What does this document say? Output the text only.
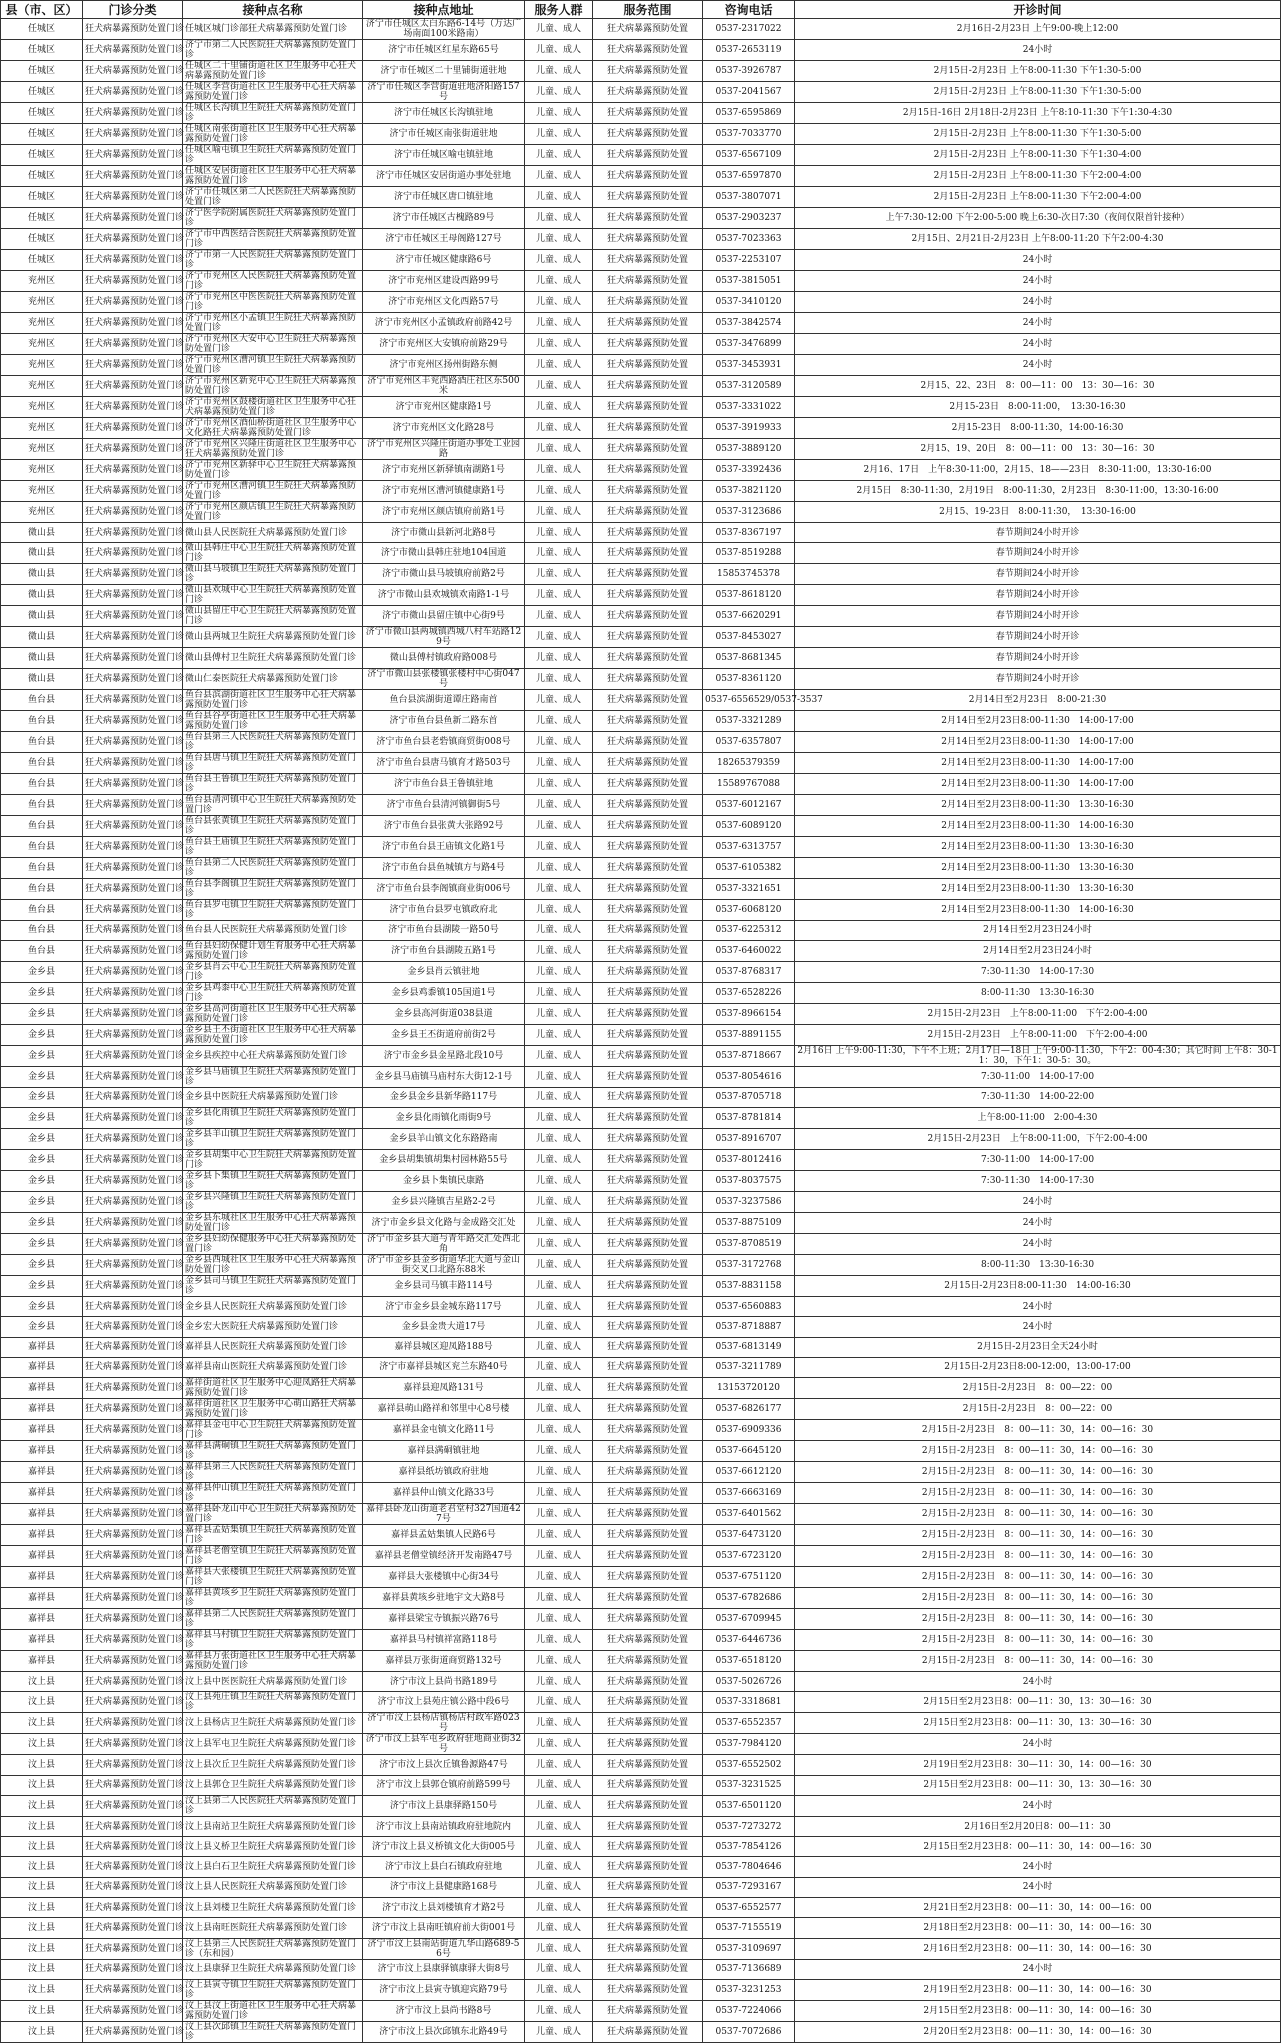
县（市、区）	门诊分类	接种点名称	接种点地址	服务人群	服务范围	咨询电话	开诊时间
任城区	狂犬病暴露预防处置门诊	任城区城门诊部狂犬病暴露预防处置门诊	济宁市任城区太白东路6-14号（万达广场南面100米路南）	儿童、成人	狂犬病暴露预防处置	0537-2317022	2月16日-2月23日 上午9:00-晚上12:00
任城区	狂犬病暴露预防处置门诊	济宁市第二人民医院狂犬病暴露预防处置门诊	济宁市任城区红星东路65号	儿童、成人	狂犬病暴露预防处置	0537-2653119	24小时
任城区	狂犬病暴露预防处置门诊	任城区二十里铺街道社区卫生服务中心狂犬病暴露预防处置门诊	济宁市任城区二十里铺街道驻地	儿童、成人	狂犬病暴露预防处置	0537-3926787	2月15日-2月23日 上午8:00-11:30 下午1:30-5:00
任城区	狂犬病暴露预防处置门诊	任城区李营街道社区卫生服务中心狂犬病暴露预防处置门诊	济宁市任城区李营街道驻地济阳路157号	儿童、成人	狂犬病暴露预防处置	0537-2041567	2月15日-2月23日 上午8:00-11:30 下午1:30-5:00
任城区	狂犬病暴露预防处置门诊	任城区长沟镇卫生院狂犬病暴露预防处置门诊	济宁市任城区长沟镇驻地	儿童、成人	狂犬病暴露预防处置	0537-6595869	2月15日-16日 2月18日-2月23日 上午8:10-11:30 下午1:30-4:30
任城区	狂犬病暴露预防处置门诊	任城区南张街道社区卫生服务中心狂犬病暴露预防处置门诊	济宁市任城区南张街道驻地	儿童、成人	狂犬病暴露预防处置	0537-7033770	2月15日-2月23日 上午8:00-11:30 下午1:30-5:00
任城区	狂犬病暴露预防处置门诊	任城区喻屯镇卫生院狂犬病暴露预防处置门诊	济宁市任城区喻屯镇驻地	儿童、成人	狂犬病暴露预防处置	0537-6567109	2月15日-2月23日 上午8:00-11:30 下午1:30-4:00
任城区	狂犬病暴露预防处置门诊	任城区安居街道社区卫生服务中心狂犬病暴露预防处置门诊	济宁市任城区安居街道办事处驻地	儿童、成人	狂犬病暴露预防处置	0537-6597870	2月15日-2月23日 上午8:00-11:30 下午2:00-4:00
任城区	狂犬病暴露预防处置门诊	济宁市任城区第二人民医院狂犬病暴露预防处置门诊	济宁市任城区唐口镇驻地	儿童、成人	狂犬病暴露预防处置	0537-3807071	2月15日-2月23日 上午8:00-11:30 下午2:00-4:00
任城区	狂犬病暴露预防处置门诊	济宁医学院附属医院狂犬病暴露预防处置门诊	济宁市任城区古槐路89号	儿童、成人	狂犬病暴露预防处置	0537-2903237	上午7:30-12:00 下午2:00-5:00 晚上6:30-次日7:30（夜间仅限首针接种）
任城区	狂犬病暴露预防处置门诊	济宁市中西医结合医院狂犬病暴露预防处置门诊	济宁市任城区王母阁路127号	儿童、成人	狂犬病暴露预防处置	0537-7023363	2月15日、2月21日-2月23日 上午8:00-11:20 下午2:00-4:30
任城区	狂犬病暴露预防处置门诊	济宁市第一人民医院狂犬病暴露预防处置门诊	济宁市任城区健康路6号	儿童、成人	狂犬病暴露预防处置	0537-2253107	24小时
兖州区	狂犬病暴露预防处置门诊	济宁市兖州区人民医院狂犬病暴露预防处置门诊	济宁市兖州区建设西路99号	儿童、成人	狂犬病暴露预防处置	0537-3815051	24小时
兖州区	狂犬病暴露预防处置门诊	济宁市兖州区中医医院狂犬病暴露预防处置门诊	济宁市兖州区文化西路57号	儿童、成人	狂犬病暴露预防处置	0537-3410120	24小时
兖州区	狂犬病暴露预防处置门诊	济宁市兖州区小孟镇卫生院狂犬病暴露预防处置门诊	济宁市兖州区小孟镇政府前路42号	儿童、成人	狂犬病暴露预防处置	0537-3842574	24小时
兖州区	狂犬病暴露预防处置门诊	济宁市兖州区大安中心卫生院狂犬病暴露预防处置门诊	济宁市兖州区大安镇府前路29号	儿童、成人	狂犬病暴露预防处置	0537-3476899	24小时
兖州区	狂犬病暴露预防处置门诊	济宁市兖州区漕河镇卫生院狂犬病暴露预防处置门诊	济宁市兖州区扬州街路东侧	儿童、成人	狂犬病暴露预防处置	0537-3453931	24小时
兖州区	狂犬病暴露预防处置门诊	济宁市兖州区新兖中心卫生院狂犬病暴露预防处置门诊	济宁市兖州区丰兖西路酒庄社区东500米	儿童、成人	狂犬病暴露预防处置	0537-3120589	2月15、22、23日　8：00—11：00　13：30—16：30
兖州区	狂犬病暴露预防处置门诊	济宁市兖州区鼓楼街道社区卫生服务中心狂犬病暴露预防处置门诊	济宁市兖州区健康路1号	儿童、成人	狂犬病暴露预防处置	0537-3331022	2月15-23日　8:00-11:00，　13:30-16:30
兖州区	狂犬病暴露预防处置门诊	济宁市兖州区酒仙桥街道社区卫生服务中心文化路狂犬病暴露预防处置门诊	济宁市兖州区文化路28号	儿童、成人	狂犬病暴露预防处置	0537-3919933	2月15-23日　8:00-11:30，14:00-16:30
兖州区	狂犬病暴露预防处置门诊	济宁市兖州区兴隆庄街道社区卫生服务中心狂犬病暴露预防处置门诊	济宁市兖州区兴隆庄街道办事处工业园路	儿童、成人	狂犬病暴露预防处置	0537-3889120	2月15、19、20日　8：00—11：00　13：30—16：30
兖州区	狂犬病暴露预防处置门诊	济宁市兖州区新驿中心卫生院狂犬病暴露预防处置门诊	济宁市兖州区新驿镇南湖路1号	儿童、成人	狂犬病暴露预防处置	0537-3392436	2月16、17日　上午8:30-11:00，2月15、18——23日　8:30-11:00，13:30-16:00
兖州区	狂犬病暴露预防处置门诊	济宁市兖州区漕河镇卫生院狂犬病暴露预防处置门诊	济宁市兖州区漕河镇健康路1号	儿童、成人	狂犬病暴露预防处置	0537-3821120	2月15日　8:30-11:30，2月19日　8:00-11:30，2月23日　8:30-11:00，13:30-16:00
兖州区	狂犬病暴露预防处置门诊	济宁市兖州区颜店镇卫生院狂犬病暴露预防处置门诊	济宁市兖州区颜店镇府前路1号	儿童、成人	狂犬病暴露预防处置	0537-3123686	2月15、19-23日　8:00-11:30，　13:30-16:00
微山县	狂犬病暴露预防处置门诊	微山县人民医院狂犬病暴露预防处置门诊	济宁市微山县新河北路8号	儿童、成人	狂犬病暴露预防处置	0537-8367197	春节期间24小时开诊
微山县	狂犬病暴露预防处置门诊	微山县韩庄中心卫生院狂犬病暴露预防处置门诊	济宁市微山县韩庄驻地104国道	儿童、成人	狂犬病暴露预防处置	0537-8519288	春节期间24小时开诊
微山县	狂犬病暴露预防处置门诊	微山县马坡镇卫生院狂犬病暴露预防处置门诊	济宁市微山县马坡镇府前路2号	儿童、成人	狂犬病暴露预防处置	15853745378	春节期间24小时开诊
微山县	狂犬病暴露预防处置门诊	微山县欢城中心卫生院狂犬病暴露预防处置门诊	济宁市微山县欢城镇欢南路1-1号	儿童、成人	狂犬病暴露预防处置	0537-8618120	春节期间24小时开诊
微山县	狂犬病暴露预防处置门诊	微山县留庄中心卫生院狂犬病暴露预防处置门诊	济宁市微山县留庄镇中心街9号	儿童、成人	狂犬病暴露预防处置	0537-6620291	春节期间24小时开诊
微山县	狂犬病暴露预防处置门诊	微山县两城卫生院狂犬病暴露预防处置门诊	济宁市微山县两城镇西城八村车站路129号	儿童、成人	狂犬病暴露预防处置	0537-8453027	春节期间24小时开诊
微山县	狂犬病暴露预防处置门诊	微山县傅村卫生院狂犬病暴露预防处置门诊	微山县傅村镇政府路008号	儿童、成人	狂犬病暴露预防处置	0537-8681345	春节期间24小时开诊
微山县	狂犬病暴露预防处置门诊	微山仁泰医院狂犬病暴露预防处置门诊	济宁市微山县张楼镇张楼村中心街047号	儿童、成人	狂犬病暴露预防处置	0537-8361120	春节期间24小时开诊
鱼台县	狂犬病暴露预防处置门诊	鱼台县滨湖街道社区卫生服务中心狂犬病暴露预防处置门诊	鱼台县滨湖街道谭庄路南首	儿童、成人	狂犬病暴露预防处置	0537-6556529/0537-3537	2月14日至2月23日　8:00-21:30
鱼台县	狂犬病暴露预防处置门诊	鱼台县谷亭街道社区卫生服务中心狂犬病暴露预防处置门诊	济宁市鱼台县鱼新二路东首	儿童、成人	狂犬病暴露预防处置	0537-3321289	2月14日至2月23日8:00-11:30　14:00-17:00
鱼台县	狂犬病暴露预防处置门诊	鱼台县第三人民医院狂犬病暴露预防处置门诊	济宁市鱼台县老砦镇商贸街008号	儿童、成人	狂犬病暴露预防处置	0537-6357807	2月14日至2月23日8:00-11:30　14:00-17:00
鱼台县	狂犬病暴露预防处置门诊	鱼台县唐马镇卫生院狂犬病暴露预防处置门诊	济宁市鱼台县唐马镇育才路503号	儿童、成人	狂犬病暴露预防处置	18265379359	2月14日至2月23日8:00-11:30　14:00-17:00
鱼台县	狂犬病暴露预防处置门诊	鱼台县王鲁镇卫生院狂犬病暴露预防处置门诊	济宁市鱼台县王鲁镇驻地	儿童、成人	狂犬病暴露预防处置	15589767088	2月14日至2月23日8:00-11:30　14:00-17:00
鱼台县	狂犬病暴露预防处置门诊	鱼台县清河镇中心卫生院狂犬病暴露预防处置门诊	济宁市鱼台县清河镇御街5号	儿童、成人	狂犬病暴露预防处置	0537-6012167	2月14日至2月23日8:00-11:30　13:30-16:30
鱼台县	狂犬病暴露预防处置门诊	鱼台县张黄镇卫生院狂犬病暴露预防处置门诊	济宁市鱼台县张黄大张路92号	儿童、成人	狂犬病暴露预防处置	0537-6089120	2月14日至2月23日8:00-11:30　14:00-16:30
鱼台县	狂犬病暴露预防处置门诊	鱼台县王庙镇卫生院狂犬病暴露预防处置门诊	济宁市鱼台县王庙镇文化路1号	儿童、成人	狂犬病暴露预防处置	0537-6313757	2月14日至2月23日8:00-11:30　13:30-16:30
鱼台县	狂犬病暴露预防处置门诊	鱼台县第二人民医院狂犬病暴露预防处置门诊	济宁市鱼台县鱼城镇方与路4号	儿童、成人	狂犬病暴露预防处置	0537-6105382	2月14日至2月23日8:00-11:30　13:30-16:30
鱼台县	狂犬病暴露预防处置门诊	鱼台县李阁镇卫生院狂犬病暴露预防处置门诊	济宁市鱼台县李阁镇商业街006号	儿童、成人	狂犬病暴露预防处置	0537-3321651	2月14日至2月23日8:00-11:30　13:30-16:30
鱼台县	狂犬病暴露预防处置门诊	鱼台县罗屯镇卫生院狂犬病暴露预防处置门诊	济宁市鱼台县罗屯镇政府北	儿童、成人	狂犬病暴露预防处置	0537-6068120	2月14日至2月23日8:00-11:30　14:00-16:30
鱼台县	狂犬病暴露预防处置门诊	鱼台县人民医院狂犬病暴露预防处置门诊	济宁市鱼台县湖陵一路50号	儿童、成人	狂犬病暴露预防处置	0537-6225312	2月14日至2月23日24小时
鱼台县	狂犬病暴露预防处置门诊	鱼台县妇幼保健计划生育服务中心狂犬病暴露预防处置门诊	济宁市鱼台县湖陵五路1号	儿童、成人	狂犬病暴露预防处置	0537-6460022	2月14日至2月23日24小时
金乡县	狂犬病暴露预防处置门诊	金乡县肖云中心卫生院狂犬病暴露预防处置门诊	金乡县肖云镇驻地	儿童、成人	狂犬病暴露预防处置	0537-8768317	7:30-11:30　14:00-17:30
金乡县	狂犬病暴露预防处置门诊	金乡县鸡黍中心卫生院狂犬病暴露预防处置门诊	金乡县鸡黍镇105国道1号	儿童、成人	狂犬病暴露预防处置	0537-6528226	8:00-11:30　13:30-16:30
金乡县	狂犬病暴露预防处置门诊	金乡县高河街道社区卫生服务中心狂犬病暴露预防处置门诊	金乡县高河街道038县道	儿童、成人	狂犬病暴露预防处置	0537-8966154	2月15日-2月23日　上午8:00-11:00　下午2:00-4:00
金乡县	狂犬病暴露预防处置门诊	金乡县王丕街道社区卫生服务中心狂犬病暴露预防处置门诊	金乡县王丕街道府前街2号	儿童、成人	狂犬病暴露预防处置	0537-8891155	2月15日-2月23日　上午8:00-11:00　下午2:00-4:00
金乡县	狂犬病暴露预防处置门诊	金乡县疾控中心狂犬病暴露预防处置门诊	济宁市金乡县金星路北段10号	儿童、成人	狂犬病暴露预防处置	0537-8718667	2月16日 上午9:00-11:30，下午不上班；2月17日—18日 上午9:00-11:30，下午2：00-4:30；其它时间 上午8：30-11：30，下午1：30-5：30。
金乡县	狂犬病暴露预防处置门诊	金乡县马庙镇卫生院狂犬病暴露预防处置门诊	金乡县马庙镇马庙村东大街12-1号	儿童、成人	狂犬病暴露预防处置	0537-8054616	7:30-11:00　14:00-17:00
金乡县	狂犬病暴露预防处置门诊	金乡县中医院狂犬病暴露预防处置门诊	金乡县金乡县新华路117号	儿童、成人	狂犬病暴露预防处置	0537-8705718	7:30-11:30　14:00-22:00
金乡县	狂犬病暴露预防处置门诊	金乡县化雨镇卫生院狂犬病暴露预防处置门诊	金乡县化雨镇化雨街9号	儿童、成人	狂犬病暴露预防处置	0537-8781814	上午8:00-11:00　2:00-4:30
金乡县	狂犬病暴露预防处置门诊	金乡县羊山镇卫生院狂犬病暴露预防处置门诊	金乡县羊山镇文化东路路南	儿童、成人	狂犬病暴露预防处置	0537-8916707	2月15日-2月23日　上午8:00-11:00，下午2:00-4:00
金乡县	狂犬病暴露预防处置门诊	金乡县胡集中心卫生院狂犬病暴露预防处置门诊	金乡县胡集镇胡集村园林路55号	儿童、成人	狂犬病暴露预防处置	0537-8012416	7:30-11:00　14:00-17:00
金乡县	狂犬病暴露预防处置门诊	金乡县卜集镇卫生院狂犬病暴露预防处置门诊	金乡县卜集镇民康路	儿童、成人	狂犬病暴露预防处置	0537-8037575	7:30-11:30　14:00-17:30
金乡县	狂犬病暴露预防处置门诊	金乡县兴隆镇卫生院狂犬病暴露预防处置门诊	金乡县兴隆镇吉星路2-2号	儿童、成人	狂犬病暴露预防处置	0537-3237586	24小时
金乡县	狂犬病暴露预防处置门诊	金乡县东城社区卫生服务中心狂犬病暴露预防处置门诊	济宁市金乡县文化路与金成路交汇处	儿童、成人	狂犬病暴露预防处置	0537-8875109	24小时
金乡县	狂犬病暴露预防处置门诊	金乡县妇幼保健服务中心狂犬病暴露预防处置门诊	济宁市金乡县大道与青年路交汇处西北角	儿童、成人	狂犬病暴露预防处置	0537-8708519	24小时
金乡县	狂犬病暴露预防处置门诊	金乡县西城社区卫生服务中心狂犬病暴露预防处置门诊	济宁市金乡县金乡街道华北大道与金山街交叉口北路东88米	儿童、成人	狂犬病暴露预防处置	0537-3172768	8:00-11:30　13:30-16:30
金乡县	狂犬病暴露预防处置门诊	金乡县司马镇卫生院狂犬病暴露预防处置门诊	金乡县司马镇丰路114号	儿童、成人	狂犬病暴露预防处置	0537-8831158	2月15日-2月23日8:00-11:30　14:00-16:30
金乡县	狂犬病暴露预防处置门诊	金乡县人民医院狂犬病暴露预防处置门诊	济宁市金乡县金城东路117号	儿童、成人	狂犬病暴露预防处置	0537-6560883	24小时
金乡县	狂犬病暴露预防处置门诊	金乡宏大医院狂犬病暴露预防处置门诊	金乡县金贵大道17号	儿童、成人	狂犬病暴露预防处置	0537-8718887	24小时
嘉祥县	狂犬病暴露预防处置门诊	嘉祥县人民医院狂犬病暴露预防处置门诊	嘉祥县城区迎凤路188号	儿童、成人	狂犬病暴露预防处置	0537-6813149	2月15日-2月23日全天24小时
嘉祥县	狂犬病暴露预防处置门诊	嘉祥县南山医院狂犬病暴露预防处置门诊	济宁市嘉祥县城区兖兰东路40号	儿童、成人	狂犬病暴露预防处置	0537-3211789	2月15日-2月23日8:00-12:00，13:00-17:00
嘉祥县	狂犬病暴露预防处置门诊	嘉祥街道社区卫生服务中心迎凤路狂犬病暴露预防处置门诊	嘉祥县迎凤路131号	儿童、成人	狂犬病暴露预防处置	13153720120	2月15日-2月23日　8：00—22：00
嘉祥县	狂犬病暴露预防处置门诊	嘉祥街道社区卫生服务中心萌山路狂犬病暴露预防处置门诊	嘉祥县萌山路祥和邻里中心8号楼	儿童、成人	狂犬病暴露预防处置	0537-6826177	2月15日-2月23日　8：00—22：00
嘉祥县	狂犬病暴露预防处置门诊	嘉祥县金屯中心卫生院狂犬病暴露预防处置门诊	嘉祥县金屯镇文化路11号	儿童、成人	狂犬病暴露预防处置	0537-6909336	2月15日-2月23日　8：00—11：30，14：00—16：30
嘉祥县	狂犬病暴露预防处置门诊	嘉祥县满硐镇卫生院狂犬病暴露预防处置门诊	嘉祥县满硐镇驻地	儿童、成人	狂犬病暴露预防处置	0537-6645120	2月15日-2月23日　8：00—11：30，14：00—16：30
嘉祥县	狂犬病暴露预防处置门诊	嘉祥县第三人民医院狂犬病暴露预防处置门诊	嘉祥县纸坊镇政府驻地	儿童、成人	狂犬病暴露预防处置	0537-6612120	2月15日-2月23日　8：00—11：30，14：00—16：30
嘉祥县	狂犬病暴露预防处置门诊	嘉祥县仲山镇卫生院狂犬病暴露预防处置门诊	嘉祥县仲山镇文化路33号	儿童、成人	狂犬病暴露预防处置	0537-6663169	2月15日-2月23日　8：00—11：30，14：00—16：30
嘉祥县	狂犬病暴露预防处置门诊	嘉祥县卧龙山中心卫生院狂犬病暴露预防处置门诊	嘉祥县卧龙山街道老君堂村327国道427号	儿童、成人	狂犬病暴露预防处置	0537-6401562	2月15日-2月23日　8：00—11：30，14：00—16：30
嘉祥县	狂犬病暴露预防处置门诊	嘉祥县孟姑集镇卫生院狂犬病暴露预防处置门诊	嘉祥县孟姑集镇人民路6号	儿童、成人	狂犬病暴露预防处置	0537-6473120	2月15日-2月23日　8：00—11：30，14：00—16：30
嘉祥县	狂犬病暴露预防处置门诊	嘉祥县老僧堂镇卫生院狂犬病暴露预防处置门诊	嘉祥县老僧堂镇经济开发南路47号	儿童、成人	狂犬病暴露预防处置	0537-6723120	2月15日-2月23日　8：00—11：30，14：00—16：30
嘉祥县	狂犬病暴露预防处置门诊	嘉祥县大张楼镇卫生院狂犬病暴露预防处置门诊	嘉祥县大张楼镇中心街34号	儿童、成人	狂犬病暴露预防处置	0537-6751120	2月15日-2月23日　8：00—11：30，14：00—16：30
嘉祥县	狂犬病暴露预防处置门诊	嘉祥县黄垓乡卫生院狂犬病暴露预防处置门诊	嘉祥县黄垓乡驻地宇文大路8号	儿童、成人	狂犬病暴露预防处置	0537-6782686	2月15日-2月23日　8：00—11：30，14：00—16：30
嘉祥县	狂犬病暴露预防处置门诊	嘉祥县第二人民医院狂犬病暴露预防处置门诊	嘉祥县梁宝寺镇振兴路76号	儿童、成人	狂犬病暴露预防处置	0537-6709945	2月15日-2月23日　8：00—11：30，14：00—16：30
嘉祥县	狂犬病暴露预防处置门诊	嘉祥县马村镇卫生院狂犬病暴露预防处置门诊	嘉祥县马村镇祥富路118号	儿童、成人	狂犬病暴露预防处置	0537-6446736	2月15日-2月23日　8：00—11：30，14：00—16：30
嘉祥县	狂犬病暴露预防处置门诊	嘉祥县万张街道社区卫生服务中心狂犬病暴露预防处置门诊	嘉祥县万张街道商贸路132号	儿童、成人	狂犬病暴露预防处置	0537-6518120	2月15日-2月23日　8：00—11：30，14：00—16：30
汶上县	狂犬病暴露预防处置门诊	汶上县中医医院狂犬病暴露预防处置门诊	济宁市汶上县尚书路189号	儿童、成人	狂犬病暴露预防处置	0537-5026726	24小时
汶上县	狂犬病暴露预防处置门诊	汶上县苑庄镇卫生院狂犬病暴露预防处置门诊	济宁市汶上县苑庄镇公路中段6号	儿童、成人	狂犬病暴露预防处置	0537-3318681	2月15日至2月23日8：00—11：30，13：30—16：30
汶上县	狂犬病暴露预防处置门诊	汶上县杨店卫生院狂犬病暴露预防处置门诊	济宁市汶上县杨店镇杨店村政军路023号	儿童、成人	狂犬病暴露预防处置	0537-6552357	2月15日至2月23日8：00—11：30，13：30—16：30
汶上县	狂犬病暴露预防处置门诊	汶上县军屯卫生院狂犬病暴露预防处置门诊	济宁市汶上县军屯乡政府驻地商业街32号	儿童、成人	狂犬病暴露预防处置	0537-7984120	24小时
汶上县	狂犬病暴露预防处置门诊	汶上县次丘卫生院狂犬病暴露预防处置门诊	济宁市汶上县次丘镇鲁源路47号	儿童、成人	狂犬病暴露预防处置	0537-6552502	2月19日至2月23日8：30—11：30，14：00—16：30
汶上县	狂犬病暴露预防处置门诊	汶上县郭仓卫生院狂犬病暴露预防处置门诊	济宁市汶上县郭仓镇府前路599号	儿童、成人	狂犬病暴露预防处置	0537-3231525	2月15日至2月23日8：00—11：30，13：30—16：30
汶上县	狂犬病暴露预防处置门诊	汶上县第二人民医院狂犬病暴露预防处置门诊	济宁市汶上县康驿路150号	儿童、成人	狂犬病暴露预防处置	0537-6501120	24小时
汶上县	狂犬病暴露预防处置门诊	汶上县南站卫生院狂犬病暴露预防处置门诊	济宁市汶上县南站镇政府驻地院内	儿童、成人	狂犬病暴露预防处置	0537-7273272	2月16日至2月20日8：00—11：30
汶上县	狂犬病暴露预防处置门诊	汶上县义桥卫生院狂犬病暴露预防处置门诊	济宁市汶上县义桥镇文化大街005号	儿童、成人	狂犬病暴露预防处置	0537-7854126	2月15日至2月23日8：00—11：30，14：00—16：30
汶上县	狂犬病暴露预防处置门诊	汶上县白石卫生院狂犬病暴露预防处置门诊	济宁市汶上县白石镇政府驻地	儿童、成人	狂犬病暴露预防处置	0537-7804646	24小时
汶上县	狂犬病暴露预防处置门诊	汶上县人民医院狂犬病暴露预防处置门诊	济宁市汶上县健康路168号	儿童、成人	狂犬病暴露预防处置	0537-7293167	24小时
汶上县	狂犬病暴露预防处置门诊	汶上县刘楼卫生院狂犬病暴露预防处置门诊	济宁市汶上县刘楼镇育才路2号	儿童、成人	狂犬病暴露预防处置	0537-6552577	2月21日至2月23日8：00—11：30，14：00—16：00
汶上县	狂犬病暴露预防处置门诊	汶上县南旺医院狂犬病暴露预防处置门诊	济宁市汶上县南旺镇府前大街001号	儿童、成人	狂犬病暴露预防处置	0537-7155519	2月18日至2月23日8：00—11：30，14：00—16：30
汶上县	狂犬病暴露预防处置门诊	汶上县第三人民医院狂犬病暴露预防处置门诊（东和园）	济宁市汶上县南站街道九华山路689-56号	儿童、成人	狂犬病暴露预防处置	0537-3109697	2月16日至2月23日8：00—11：30，14：00—16：30
汶上县	狂犬病暴露预防处置门诊	汶上县康驿卫生院狂犬病暴露预防处置门诊	济宁市汶上县康驿镇康驿大街8号	儿童、成人	狂犬病暴露预防处置	0537-7136689	24小时
汶上县	狂犬病暴露预防处置门诊	汶上县寅寺镇卫生院狂犬病暴露预防处置门诊	济宁市汶上县寅寺镇迎宾路79号	儿童、成人	狂犬病暴露预防处置	0537-3231253	2月19日至2月23日8：00—11：30，14：00—16：30
汶上县	狂犬病暴露预防处置门诊	汶上县汶上街道社区卫生服务中心狂犬病暴露预防处置门诊	济宁市汶上县尚书路8号	儿童、成人	狂犬病暴露预防处置	0537-7224066	2月15日至2月23日8：00—11：30，14：00—16：30
汶上县	狂犬病暴露预防处置门诊	汶上县次邱镇卫生院狂犬病暴露预防处置门诊	济宁市汶上县次邱镇东北路49号	儿童、成人	狂犬病暴露预防处置	0537-7072686	2月20日至2月23日8：00—11：30，14：00—16：30
